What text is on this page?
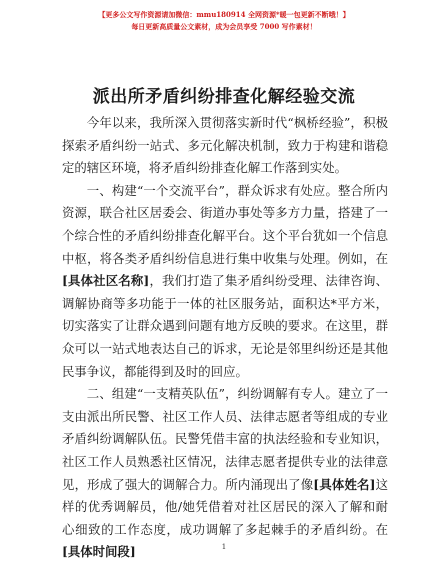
【更多公文写作资源请加微信：mmu180914 全网资源*暖一包更新不断哦！】
每日更新高质量公文素材，成为会员享受 7000 写作素材！
派出所矛盾纠纷排查化解经验交流

今年以来，我所深入贯彻落实新时代“枫桥经验”，积极探索矛盾纠纷一站式、多元化解决机制，致力于构建和谐稳定的辖区环境，将矛盾纠纷排查化解工作落到实处。

一、构建“一个交流平台”，群众诉求有处应。整合所内资源，联合社区居委会、街道办事处等多方力量，搭建了一个综合性的矛盾纠纷排查化解平台。这个平台犹如一个信息中枢，将各类矛盾纠纷信息进行集中收集与处理。例如，在[具体社区名称]，我们打造了集矛盾纠纷受理、法律咨询、调解协商等多功能于一体的社区服务站，面积达*平方米，切实落实了让群众遇到问题有地方反映的要求。在这里，群众可以一站式地表达自己的诉求，无论是邻里纠纷还是其他民事争议，都能得到及时的回应。

二、组建“一支精英队伍”，纠纷调解有专人。建立了一支由派出所民警、社区工作人员、法律志愿者等组成的专业矛盾纠纷调解队伍。民警凭借丰富的执法经验和专业知识，社区工作人员熟悉社区情况，法律志愿者提供专业的法律意见，形成了强大的调解合力。所内涌现出了像[具体姓名]这样的优秀调解员，他/她凭借着对社区居民的深入了解和耐心细致的工作态度，成功调解了多起棘手的矛盾纠纷。在[具体时间段]	1
